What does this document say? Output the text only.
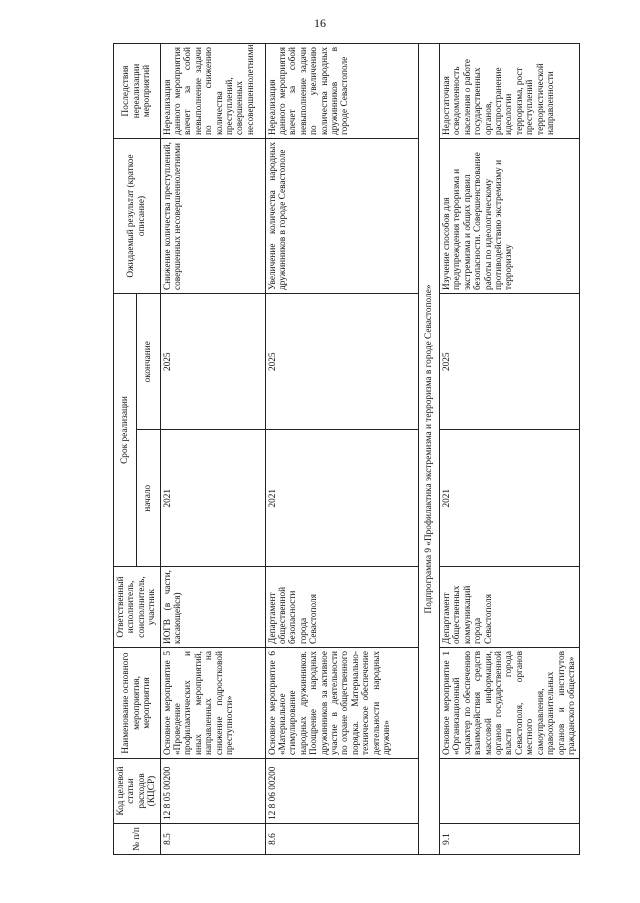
16
№ п/п	Код целевой статьи расходов (КЦСР)	Наименование основного мероприятия, мероприятия	Ответственный исполнитель, соисполнитель, участник	Срок реализации		Ожидаемый результат (краткое описание)	Последствия нереализации мероприятий
				начало	окончание		
8.5	12 8 05 00200	Основное мероприятие 5 «Проведение профилактических и иных мероприятий, направленных на снижение подростковой преступности»	ИОГВ (в части, касающейся)	2021	2025	Снижение количества преступлений, совершенных несовершеннолетними	Нереализация данного мероприятия влечет за собой невыполнение задачи по снижению количества преступлений, совершенных несовершеннолетними
8.6	12 8 06 00200	Основное мероприятие 6 «Материальное стимулирование народных дружинников. Поощрение народных дружинников за активное участие в деятельности по охране общественного порядка. Материально-техническое обеспечение деятельности народных дружин»	Департамент общественной безопасности города Севастополя	2021	2025	Увеличение количества народных дружинников в городе Севастополе	Нереализация данного мероприятия влечет за собой невыполнение задачи по увеличению количества народных дружинников в городе Севастополе
Подпрограмма 9 «Профилактика экстремизма и терроризма в городе Севастополе»							
9.1		Основное мероприятие 1 «Организационный характер по обеспечению взаимодействия средств массовой информации, органов государственной власти города Севастополя, органов местного самоуправления, правоохранительных органов и институтов гражданского общества»	Департамент общественных коммуникаций города Севастополя	2021	2025	Изучение способов для предупреждения терроризма и экстремизма и общих правил безопасности. Совершенствование работы по идеологическому противодействию экстремизму и терроризму	Недостаточная осведомленность населения о работе государственных органов, распространение идеологии терроризма, рост преступлений террористической направленности
